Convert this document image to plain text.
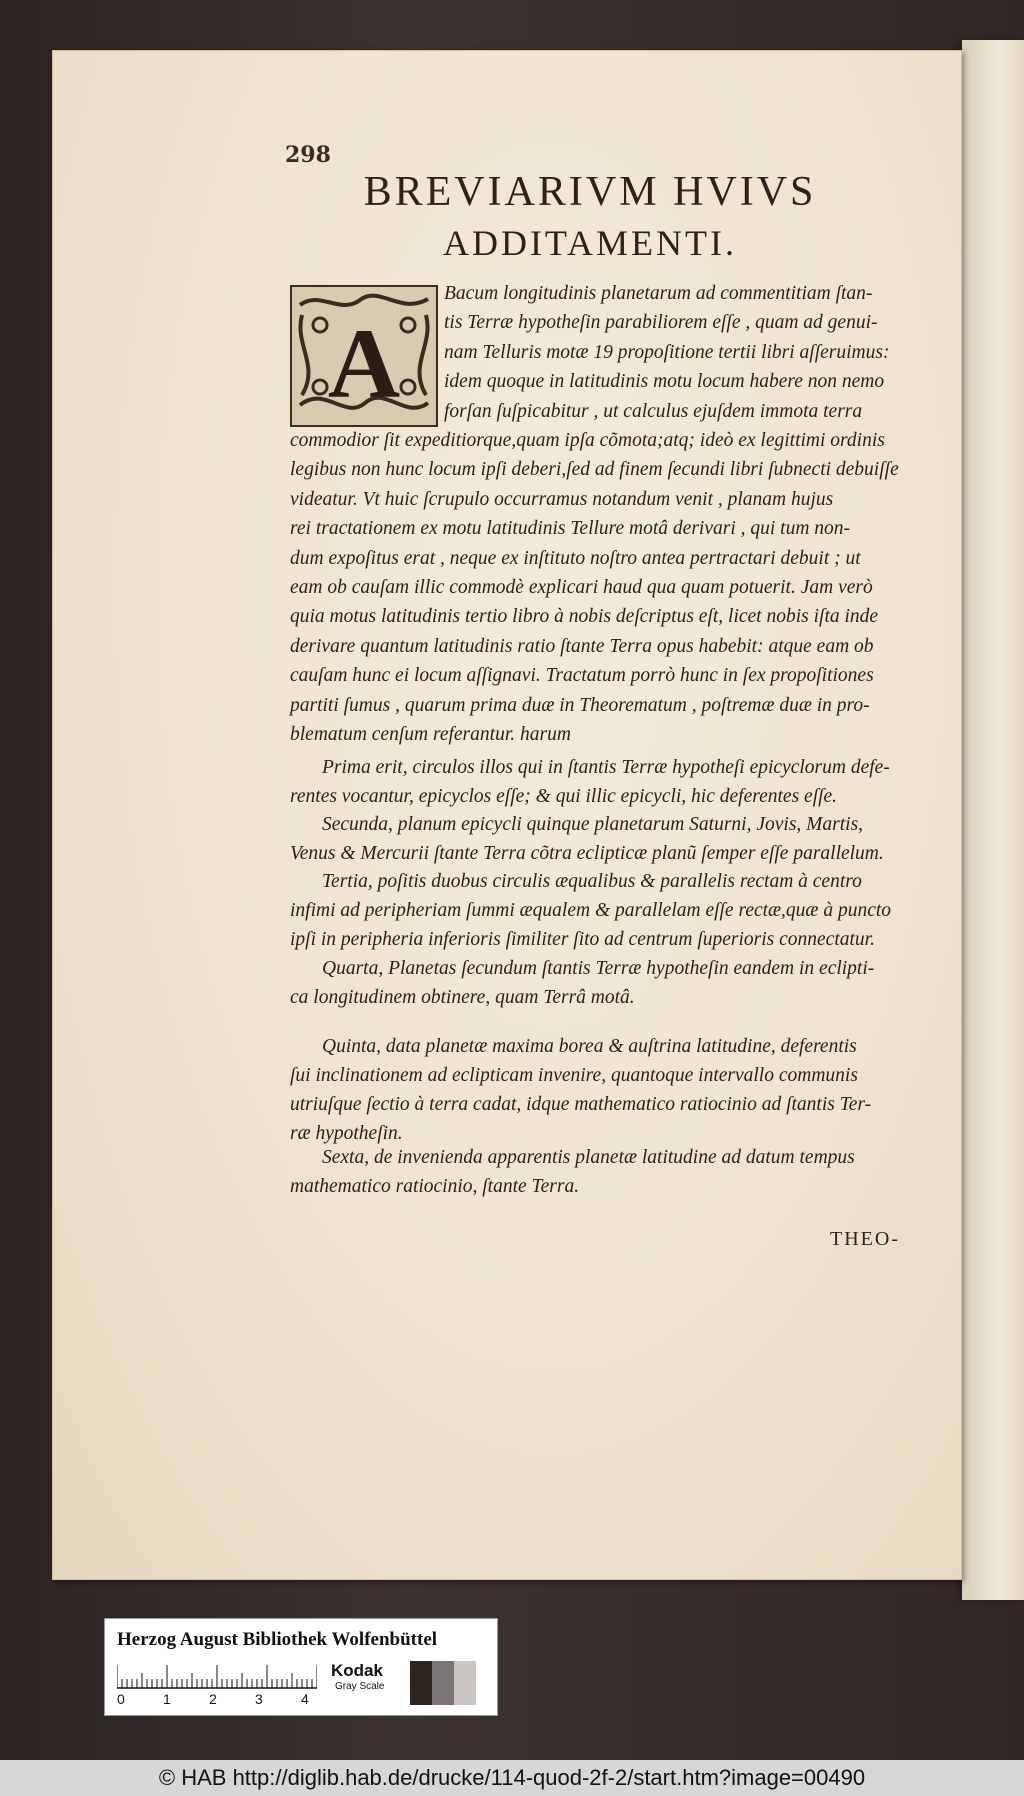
298
BREVIARIVM HVIVS
ADDITAMENTI.
A
Bacum longitudinis planetarum ad commentitiam ſtan-
tis Terræ hypotheſin parabiliorem eſſe , quam ad genui-
nam Telluris motæ 19 propoſitione tertii libri aſſeruimus:
idem quoque in latitudinis motu locum habere non nemo
forſan ſuſpicabitur , ut calculus ejuſdem immota terra
commodior ſit expeditiorque,quam ipſa cõmota;atq; ideò ex legittimi ordinis
legibus non hunc locum ipſi deberi,ſed ad finem ſecundi libri ſubnecti debuiſſe
videatur. Vt huic ſcrupulo occurramus notandum venit , planam hujus
rei tractationem ex motu latitudinis Tellure motâ derivari , qui tum non-
dum expoſitus erat , neque ex inſtituto noſtro antea pertractari debuit ; ut
eam ob cauſam illic commodè explicari haud qua quam potuerit. Jam verò
quia motus latitudinis tertio libro à nobis deſcriptus eſt, licet nobis iſta inde
derivare quantum latitudinis ratio ſtante Terra opus habebit: atque eam ob
cauſam hunc ei locum aſſignavi. Tractatum porrò hunc in ſex propoſitiones
partiti ſumus , quarum prima duæ in Theorematum , poſtremæ duæ in pro-
blematum cenſum referantur. harum
Prima erit, circulos illos qui in ſtantis Terræ hypotheſi epicyclorum defe-
rentes vocantur, epicyclos eſſe; & qui illic epicycli, hic deferentes eſſe.
Secunda, planum epicycli quinque planetarum Saturni, Jovis, Martis,
Venus & Mercurii ſtante Terra cõtra eclipticæ planũ ſemper eſſe parallelum.
Tertia, poſitis duobus circulis æqualibus & parallelis rectam à centro
infimi ad peripheriam ſummi æqualem & parallelam eſſe rectæ,quæ à puncto
ipſi in peripheria inferioris ſimiliter ſito ad centrum ſuperioris connectatur.
Quarta, Planetas ſecundum ſtantis Terræ hypotheſin eandem in eclipti-
ca longitudinem obtinere, quam Terrâ motâ.
Quinta, data planetæ maxima borea & auſtrina latitudine, deferentis
ſui inclinationem ad eclipticam invenire, quantoque intervallo communis
utriuſque ſectio à terra cadat, idque mathematico ratiocinio ad ſtantis Ter-
ræ hypotheſin.
Sexta, de invenienda apparentis planetæ latitudine ad datum tempus
mathematico ratiocinio, ſtante Terra.
THEO-
Herzog August Bibliothek Wolfenbüttel
0	1	2	3	4
Kodak
Gray Scale
© HAB http://diglib.hab.de/drucke/114-quod-2f-2/start.htm?image=00490
